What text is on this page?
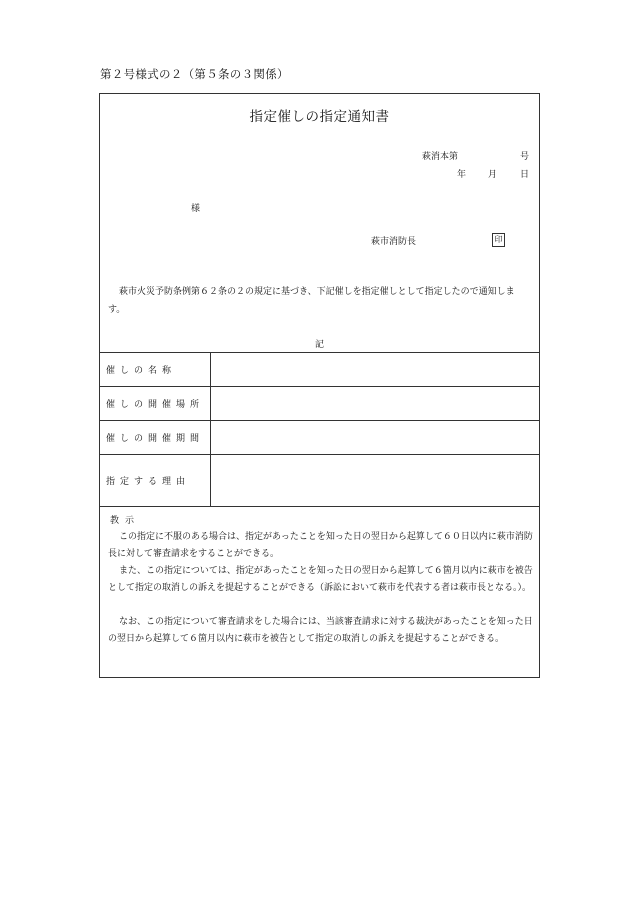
第２号様式の２（第５条の３関係）
指定催しの指定通知書
萩消本第	号
年 月	日
様
萩市消防長	印
萩市火災予防条例第６２条の２の規定に基づき、下記催しを指定催しとして指定したので通知します。
記
催しの名称	
催しの開催場所	
催しの開催期間	
指定する理由	
教示
この指定に不服のある場合は、指定があったことを知った日の翌日から起算して６０日以内に萩市消防長に対して審査請求をすることができる。
また、この指定については、指定があったことを知った日の翌日から起算して６箇月以内に萩市を被告として指定の取消しの訴えを提起することができる（訴訟において萩市を代表する者は萩市長となる。）。
なお、この指定について審査請求をした場合には、当該審査請求に対する裁決があったことを知った日の翌日から起算して６箇月以内に萩市を被告として指定の取消しの訴えを提起することができる。
